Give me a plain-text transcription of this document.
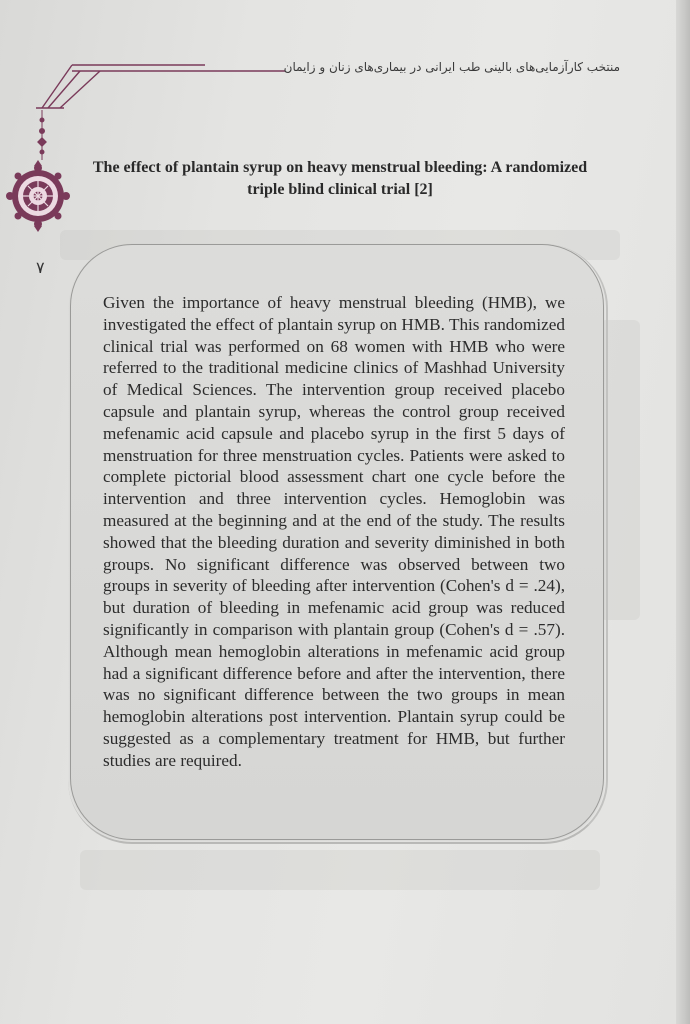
منتخب کارآزمایی‌های بالینی طب ایرانی در بیماری‌های زنان و زایمان
۷
The effect of plantain syrup on heavy menstrual bleeding: A randomized triple blind clinical trial [2]
Given the importance of heavy menstrual bleeding (HMB), we investigated the effect of plantain syrup on HMB. This randomized clinical trial was performed on 68 women with HMB who were referred to the traditional medicine clinics of Mashhad University of Medical Sciences. The intervention group received placebo capsule and plantain syrup, whereas the control group received mefenamic acid capsule and placebo syrup in the first 5 days of menstruation for three menstruation cycles. Patients were asked to complete pictorial blood assessment chart one cycle before the intervention and three intervention cycles. Hemoglobin was measured at the beginning and at the end of the study. The results showed that the bleeding duration and severity diminished in both groups. No significant difference was observed between two groups in severity of bleeding after intervention (Cohen's d = .24), but duration of bleeding in mefenamic acid group was reduced significantly in comparison with plantain group (Cohen's d = .57). Although mean hemoglobin alterations in mefenamic acid group had a significant difference before and after the intervention, there was no significant difference between the two groups in mean hemoglobin alterations post intervention. Plantain syrup could be suggested as a complementary treatment for HMB, but further studies are required.
